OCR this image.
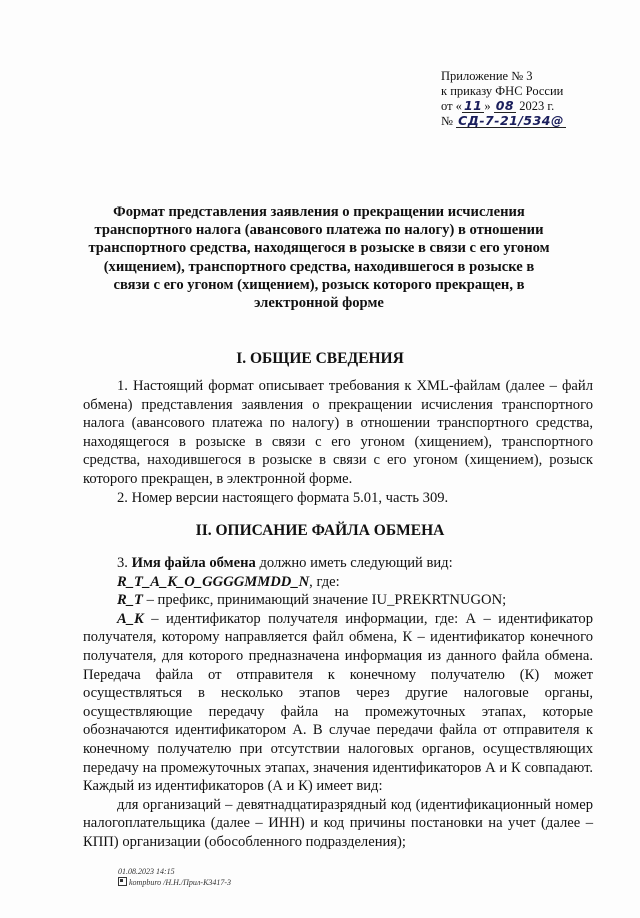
Приложение № 3
к приказу ФНС России
от « 11 » 08 2023 г.
№ СД-7-21/534@
Формат представления заявления о прекращении исчисления транспортного налога (авансового платежа по налогу) в отношении транспортного средства, находящегося в розыске в связи с его угоном (хищением), транспортного средства, находившегося в розыске в связи с его угоном (хищением), розыск которого прекращен, в электронной форме
I. ОБЩИЕ СВЕДЕНИЯ

1. Настоящий формат описывает требования к XML-файлам (далее – файл обмена) представления заявления о прекращении исчисления транспортного налога (авансового платежа по налогу) в отношении транспортного средства, находящегося в розыске в связи с его угоном (хищением), транспортного средства, находившегося в розыске в связи с его угоном (хищением), розыск которого прекращен, в электронной форме.

2. Номер версии настоящего формата 5.01, часть 309.

II. ОПИСАНИЕ ФАЙЛА ОБМЕНА

3. Имя файла обмена должно иметь следующий вид:

R_T_A_K_O_GGGGMMDD_N, где:

R_T – префикс, принимающий значение IU_PREKRTNUGON;

A_K – идентификатор получателя информации, где: А – идентификатор получателя, которому направляется файл обмена, К – идентификатор конечного получателя, для которого предназначена информация из данного файла обмена. Передача файла от отправителя к конечному получателю (К) может осуществляться в несколько этапов через другие налоговые органы, осуществляющие передачу файла на промежуточных этапах, которые обозначаются идентификатором А. В случае передачи файла от отправителя к конечному получателю при отсутствии налоговых органов, осуществляющих передачу на промежуточных этапах, значения идентификаторов А и К совпадают. Каждый из идентификаторов (А и К) имеет вид:

для организаций – девятнадцатиразрядный код (идентификационный номер налогоплательщика (далее – ИНН) и код причины постановки на учет (далее – КПП) организации (обособленного подразделения);

01.08.2023 14:15
kompburo /Н.Н./Прил-К3417-3
